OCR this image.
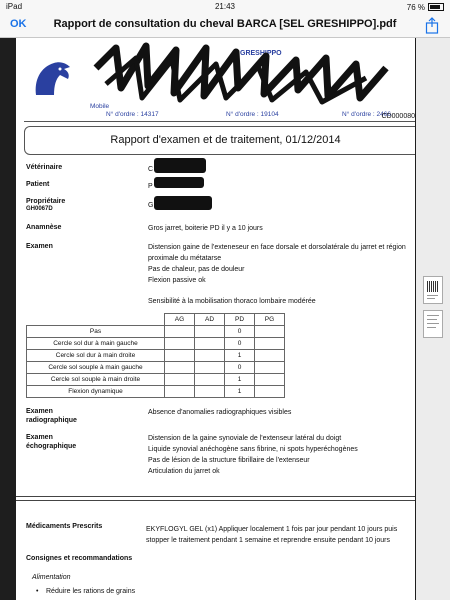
iPad	21:43	76 %
OK	Rapport de consultation du cheval BARCA [SEL GRESHIPPO].pdf
GRESHIPPO
Mobile
N° d'ordre : 14317	N° d'ordre : 19104	N° d'ordre : 2466
CD000080
Rapport d'examen et de traitement, 01/12/2014
Vétérinaire	C
Patient	P
Propriétaire
GH0067D	G
Anamnèse	Gros jarret, boiterie PD il y a 10 jours
Examen	Distension gaine de l'exteneseur en face dorsale et dorsolatérale du jarret et région
proximale du métatarse
Pas de chaleur, pas de douleur
Flexion passive ok
Sensibilité à la mobilisation thoraco lombaire modérée
	AG	AD	PD	PG
Pas			0	
Cercle sol dur à main gauche			0	
Cercle sol dur à main droite			1	
Cercle sol souple à main gauche			0	
Cercle sol souple à main droite			1	
Flexion dynamique			1	
Examen
radiographique
Absence d'anomalies radiographiques visibles
Examen
échographique
Distension de la gaine synoviale de l'extenseur latéral du doigt
Liquide synovial anéchogène sans fibrine, ni spots hyperéchogènes
Pas de lésion de la structure fibrillaire de l'extenseur
Articulation du jarret ok
Médicaments Prescrits	EKYFLOGYL GEL (x1) Appliquer localement 1 fois par jour pendant 10 jours puis stopper le traitement pendant 1 semaine et reprendre ensuite pendant 10 jours
Consignes et recommandations
Alimentation
• Réduire les rations de grains
